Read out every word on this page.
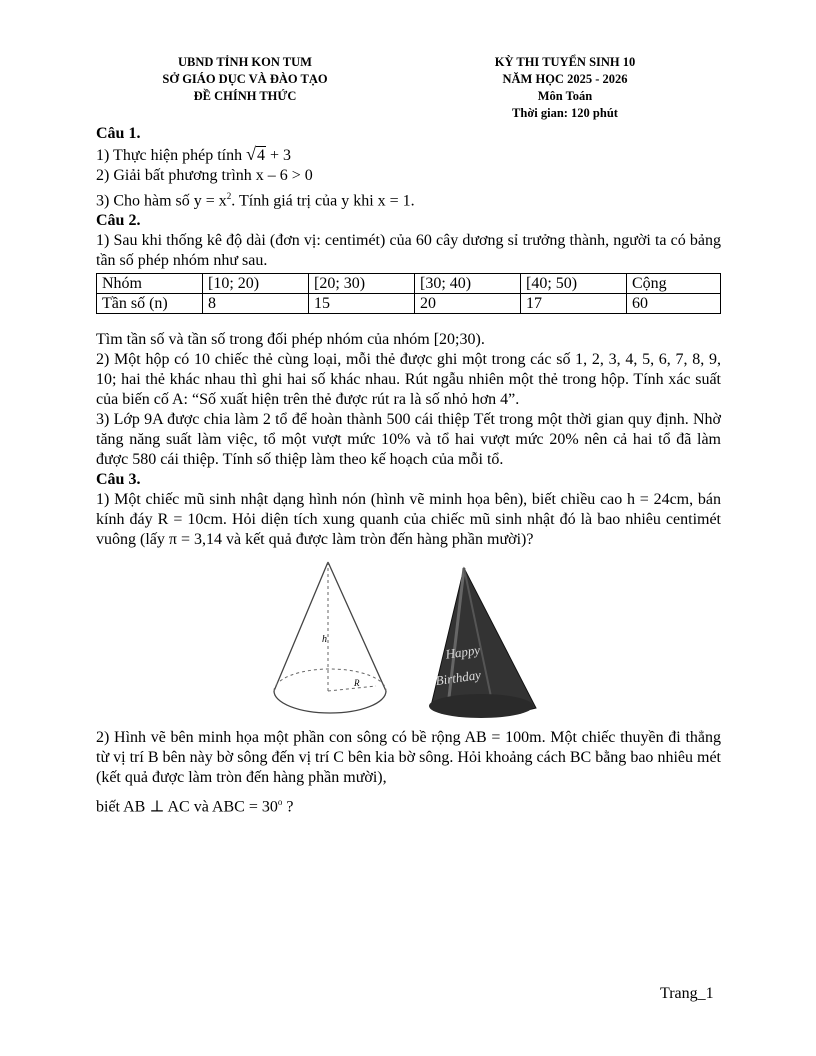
UBND TỈNH KON TUM
SỞ GIÁO DỤC VÀ ĐÀO TẠO
ĐỀ CHÍNH THỨC
KỲ THI TUYỂN SINH 10
NĂM HỌC 2025 - 2026
Môn Toán
Thời gian: 120 phút
Câu 1.
1) Thực hiện phép tính √4 + 3
2) Giải bất phương trình x – 6 > 0
3) Cho hàm số $y = x^2$. Tính giá trị của y khi x = 1.
Câu 2.
1) Sau khi thống kê độ dài (đơn vị: centimét) của 60 cây dương sỉ trưởng thành, người ta có bảng tần số phép nhóm như sau.
Nhóm	[10; 20)	[20; 30)	[30; 40)	[40; 50)	Cộng
Tần số (n)	8	15	20	17	60
Tìm tần số và tần số trong đối phép nhóm của nhóm [20;30).
2) Một hộp có 10 chiếc thẻ cùng loại, mỗi thẻ được ghi một trong các số 1, 2, 3, 4, 5, 6, 7, 8, 9, 10; hai thẻ khác nhau thì ghi hai số khác nhau. Rút ngẫu nhiên một thẻ trong hộp. Tính xác suất của biến cố A: “Số xuất hiện trên thẻ được rút ra là số nhỏ hơn 4”.
3) Lớp 9A được chia làm 2 tổ để hoàn thành 500 cái thiệp Tết trong một thời gian quy định. Nhờ tăng năng suất làm việc, tổ một vượt mức 10% và tổ hai vượt mức 20% nên cả hai tổ đã làm được 580 cái thiệp. Tính số thiệp làm theo kế hoạch của mỗi tổ.
Câu 3.
1) Một chiếc mũ sinh nhật dạng hình nón (hình vẽ minh họa bên), biết chiều cao h = 24cm, bán kính đáy R = 10cm. Hỏi diện tích xung quanh của chiếc mũ sinh nhật đó là bao nhiêu centimét vuông (lấy π = 3,14 và kết quả được làm tròn đến hàng phần mười)?
h
R
Happy
Birthday
2) Hình vẽ bên minh họa một phần con sông có bề rộng AB = 100m. Một chiếc thuyền đi thẳng từ vị trí B bên này bờ sông đến vị trí C bên kia bờ sông. Hỏi khoảng cách BC bằng bao nhiêu mét (kết quả được làm tròn đến hàng phần mười),
biết AB ⊥ AC và ABC = $30^o$ ?
Trang_1
